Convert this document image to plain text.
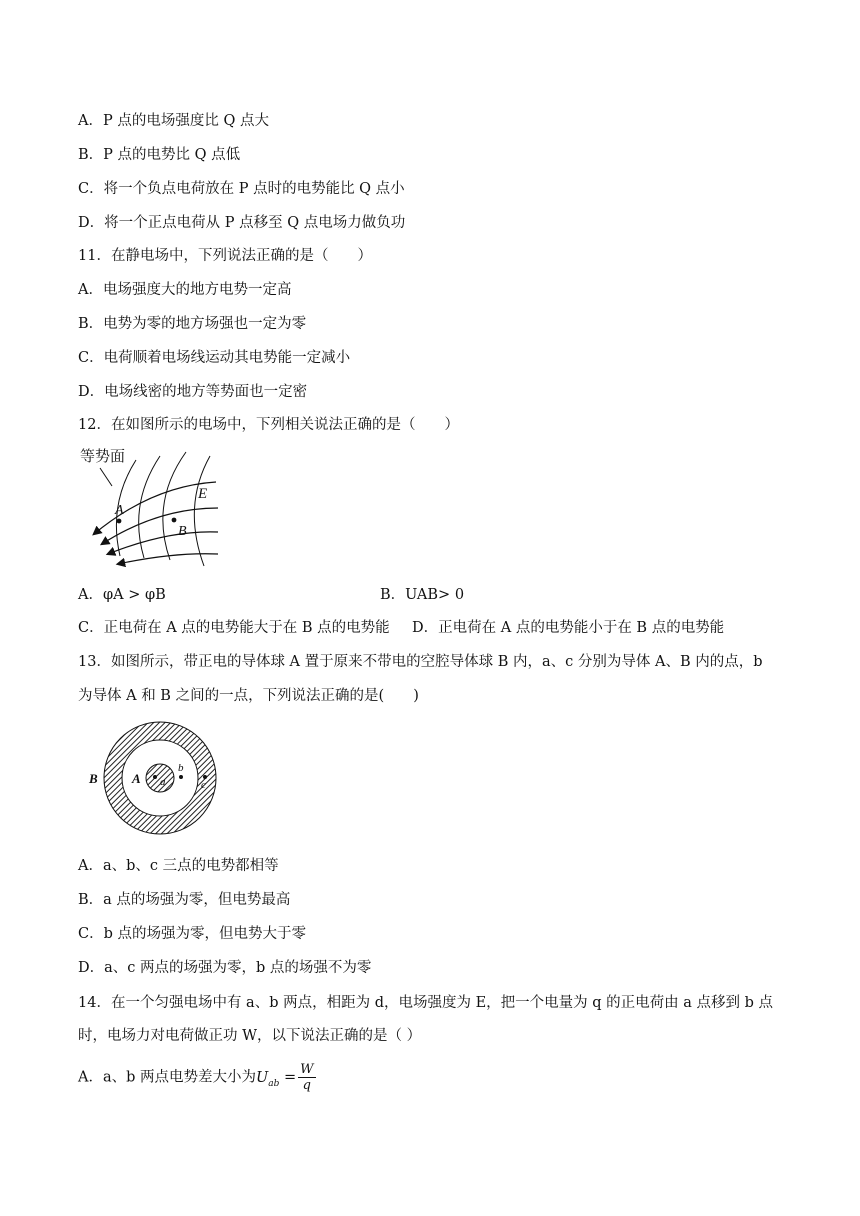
A．P 点的电场强度比 Q 点大
B．P 点的电势比 Q 点低
C．将一个负点电荷放在 P 点时的电势能比 Q 点小
D．将一个正点电荷从 P 点移至 Q 点电场力做负功
11．在静电场中，下列说法正确的是（　　）
A．电场强度大的地方电势一定高
B．电势为零的地方场强也一定为零
C．电荷顺着电场线运动其电势能一定减小
D．电场线密的地方等势面也一定密
12．在如图所示的电场中，下列相关说法正确的是（　　）
等势面
A
B
E
A．φA > φB	B．UAB> 0
C．正电荷在 A 点的电势能大于在 B 点的电势能 D．正电荷在 A 点的电势能小于在 B 点的电势能
13．如图所示，带正电的导体球 A 置于原来不带电的空腔导体球 B 内，a、c 分别为导体 A、B 内的点，b
为导体 A 和 B 之间的一点，下列说法正确的是(　　)
B	A a
b
c
A．a、b、c 三点的电势都相等
B．a 点的场强为零，但电势最高
C．b 点的场强为零，但电势大于零
D．a、c 两点的场强为零，b 点的场强不为零
14．在一个匀强电场中有 a、b 两点，相距为 d，电场强度为 E，把一个电量为 q 的正电荷由 a 点移到 b 点时，电场力对电荷做正功 W，以下说法正确的是（ ）
A．a、b 两点电势差大小为$U_{ab} = \frac{W}{q}$
